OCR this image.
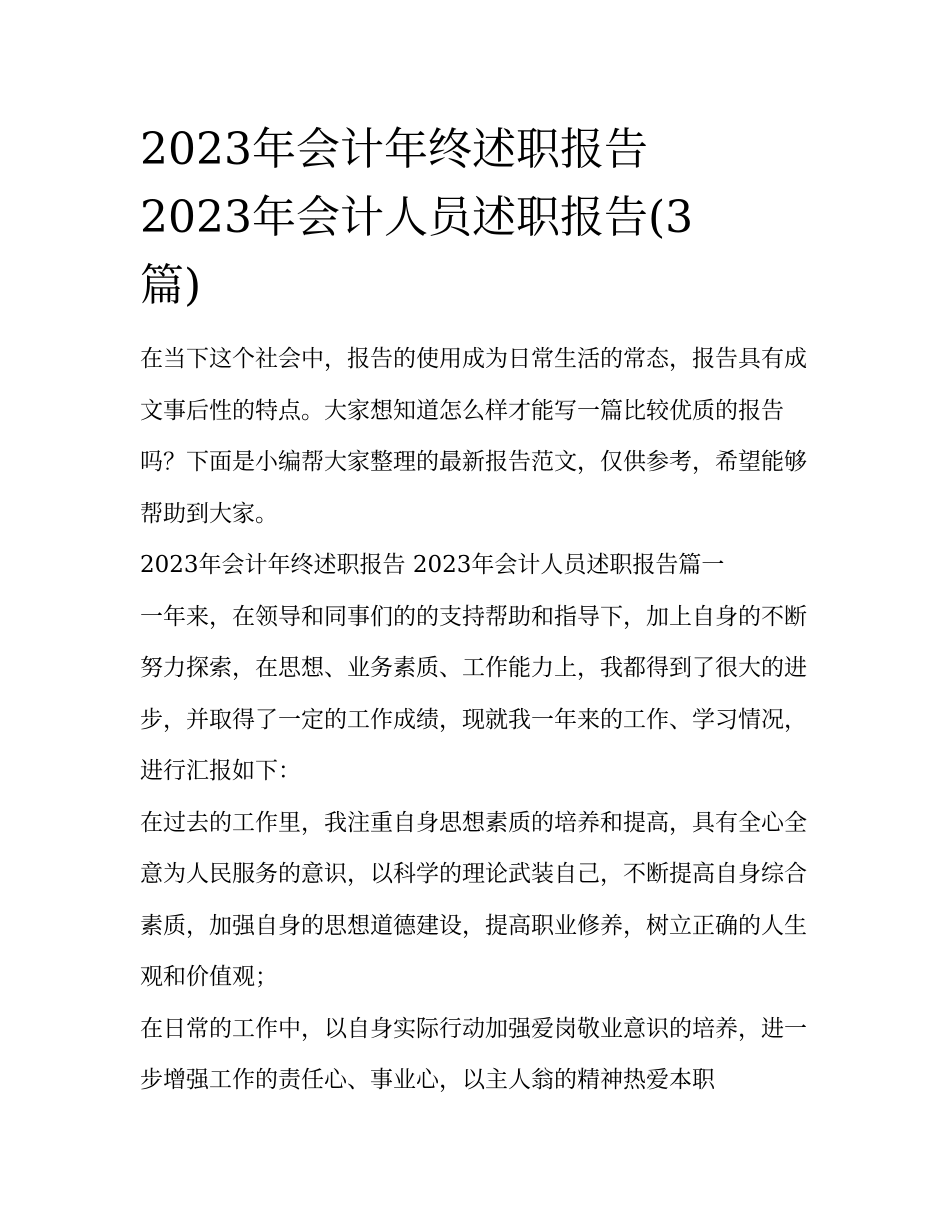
2023年会计年终述职报告
2023年会计人员述职报告(3
篇)

在当下这个社会中，报告的使用成为日常生活的常态，报告具有成文事后性的特点。大家想知道怎么样才能写一篇比较优质的报告吗？下面是小编帮大家整理的最新报告范文，仅供参考，希望能够帮助到大家。

2023年会计年终述职报告 2023年会计人员述职报告篇一

一年来，在领导和同事们的的支持帮助和指导下，加上自身的不断努力探索，在思想、业务素质、工作能力上，我都得到了很大的进步，并取得了一定的工作成绩，现就我一年来的工作、学习情况，进行汇报如下：

在过去的工作里，我注重自身思想素质的培养和提高，具有全心全意为人民服务的意识，以科学的理论武装自己，不断提高自身综合素质，加强自身的思想道德建设，提高职业修养，树立正确的人生观和价值观；

在日常的工作中，以自身实际行动加强爱岗敬业意识的培养，进一步增强工作的责任心、事业心，以主人翁的精神热爱本职
